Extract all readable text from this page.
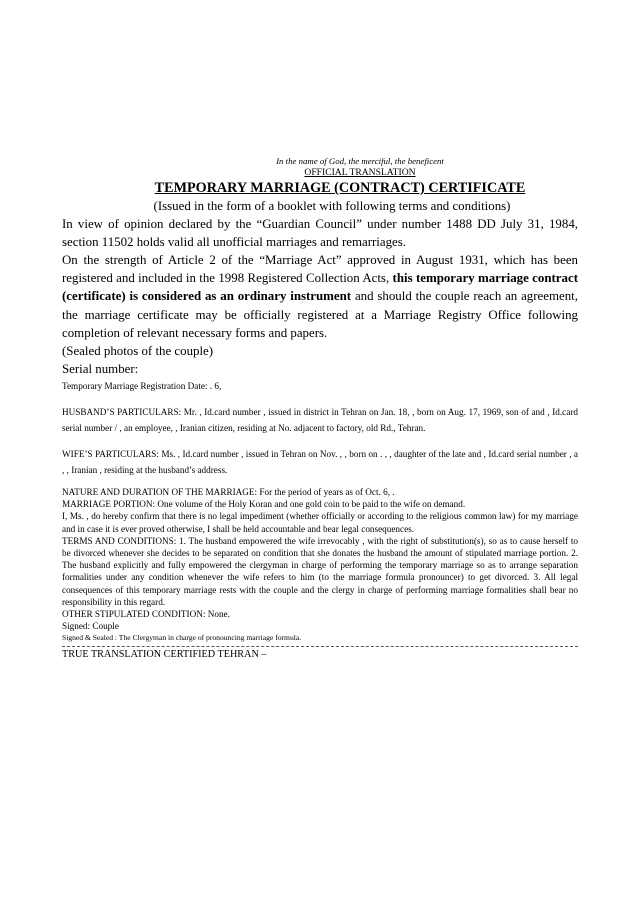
In the name of God, the merciful, the beneficent
OFFICIAL TRANSLATION
TEMPORARY MARRIAGE (CONTRACT) CERTIFICATE
(Issued in the form of a booklet with following terms and conditions)
In view of opinion declared by the “Guardian Council” under number 1488 DD July 31, 1984, section 11502 holds valid all unofficial marriages and remarriages.
On the strength of Article 2 of the “Marriage Act” approved in August 1931, which has been registered and included in the 1998 Registered Collection Acts, this temporary marriage contract (certificate) is considered as an ordinary instrument and should the couple reach an agreement, the marriage certificate may be officially registered at a Marriage Registry Office following completion of relevant necessary forms and papers.
(Sealed photos of the couple)
Serial number:
Temporary Marriage Registration Date: . 6,
HUSBAND’S PARTICULARS: Mr. , Id.card number , issued in district in Tehran on Jan. 18, , born on Aug. 17, 1969, son of and , Id.card serial number / , an employee, , Iranian citizen, residing at No. adjacent to factory, old Rd., Tehran.
WIFE’S PARTICULARS: Ms. , Id.card number , issued in Tehran on Nov. , , born on . , , daughter of the late and , Id.card serial number , a , , Iranian , residing at the husband’s address.
NATURE AND DURATION OF THE MARRIAGE: For the period of years as of Oct. 6, .
MARRIAGE PORTION: One volume of the Holy Koran and one gold coin to be paid to the wife on demand.
I, Ms. , do hereby confirm that there is no legal impediment (whether officially or according to the religious common law) for my marriage and in case it is ever proved otherwise, I shall be held accountable and bear legal consequences.
TERMS AND CONDITIONS: 1. The husband empowered the wife irrevocably , with the right of substitution(s), so as to cause herself to be divorced whenever she decides to be separated on condition that she donates the husband the amount of stipulated marriage portion. 2. The husband explicitly and fully empowered the clergyman in charge of performing the temporary marriage so as to arrange separation formalities under any condition whenever the wife refers to him (to the marriage formula pronouncer) to get divorced. 3. All legal consequences of this temporary marriage rests with the couple and the clergy in charge of performing marriage formalities shall bear no responsibility in this regard.
OTHER STIPULATED CONDITION: None.
Signed: Couple
Signed & Sealed : The Clergyman in charge of pronouncing marriage formula.
TRUE TRANSLATION CERTIFIED TEHRAN –
